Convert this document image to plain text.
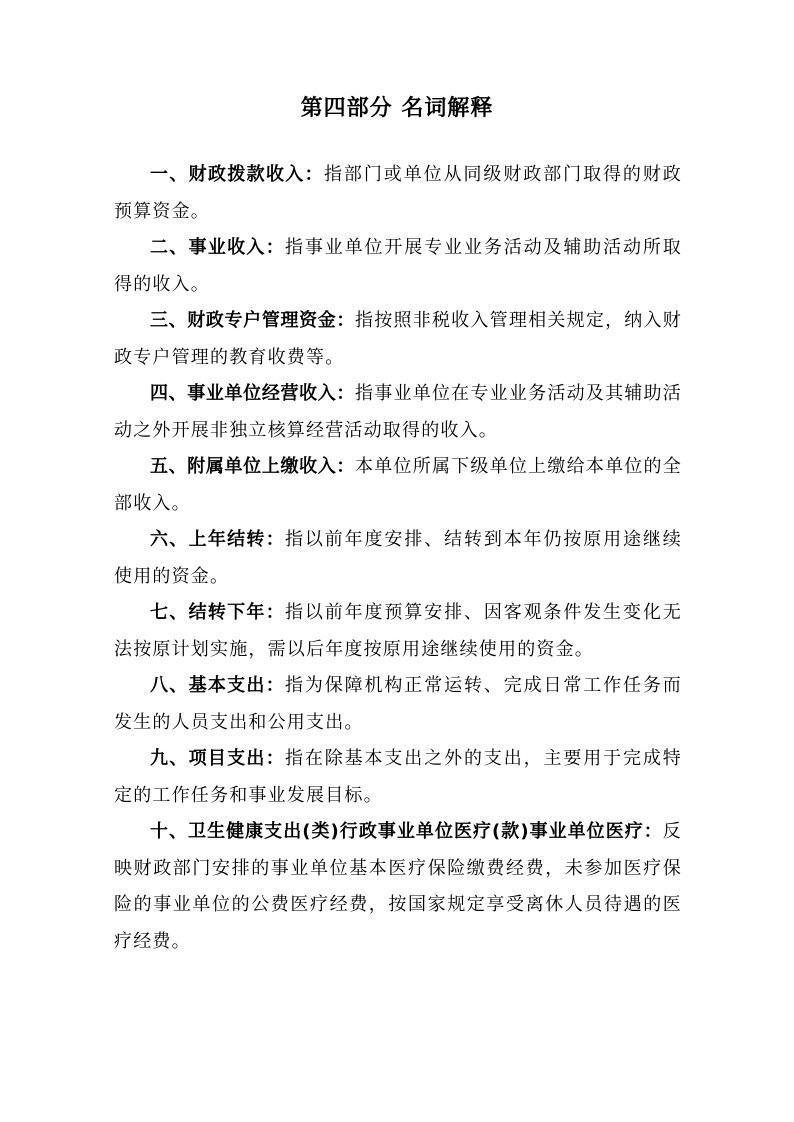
第四部分 名词解释

一、财政拨款收入：指部门或单位从同级财政部门取得的财政预算资金。

二、事业收入：指事业单位开展专业业务活动及辅助活动所取得的收入。

三、财政专户管理资金：指按照非税收入管理相关规定，纳入财政专户管理的教育收费等。

四、事业单位经营收入：指事业单位在专业业务活动及其辅助活动之外开展非独立核算经营活动取得的收入。

五、附属单位上缴收入：本单位所属下级单位上缴给本单位的全部收入。

六、上年结转：指以前年度安排、结转到本年仍按原用途继续使用的资金。

七、结转下年：指以前年度预算安排、因客观条件发生变化无法按原计划实施，需以后年度按原用途继续使用的资金。

八、基本支出：指为保障机构正常运转、完成日常工作任务而发生的人员支出和公用支出。

九、项目支出：指在除基本支出之外的支出，主要用于完成特定的工作任务和事业发展目标。

十、卫生健康支出(类)行政事业单位医疗(款)事业单位医疗：反映财政部门安排的事业单位基本医疗保险缴费经费，未参加医疗保险的事业单位的公费医疗经费，按国家规定享受离休人员待遇的医疗经费。
